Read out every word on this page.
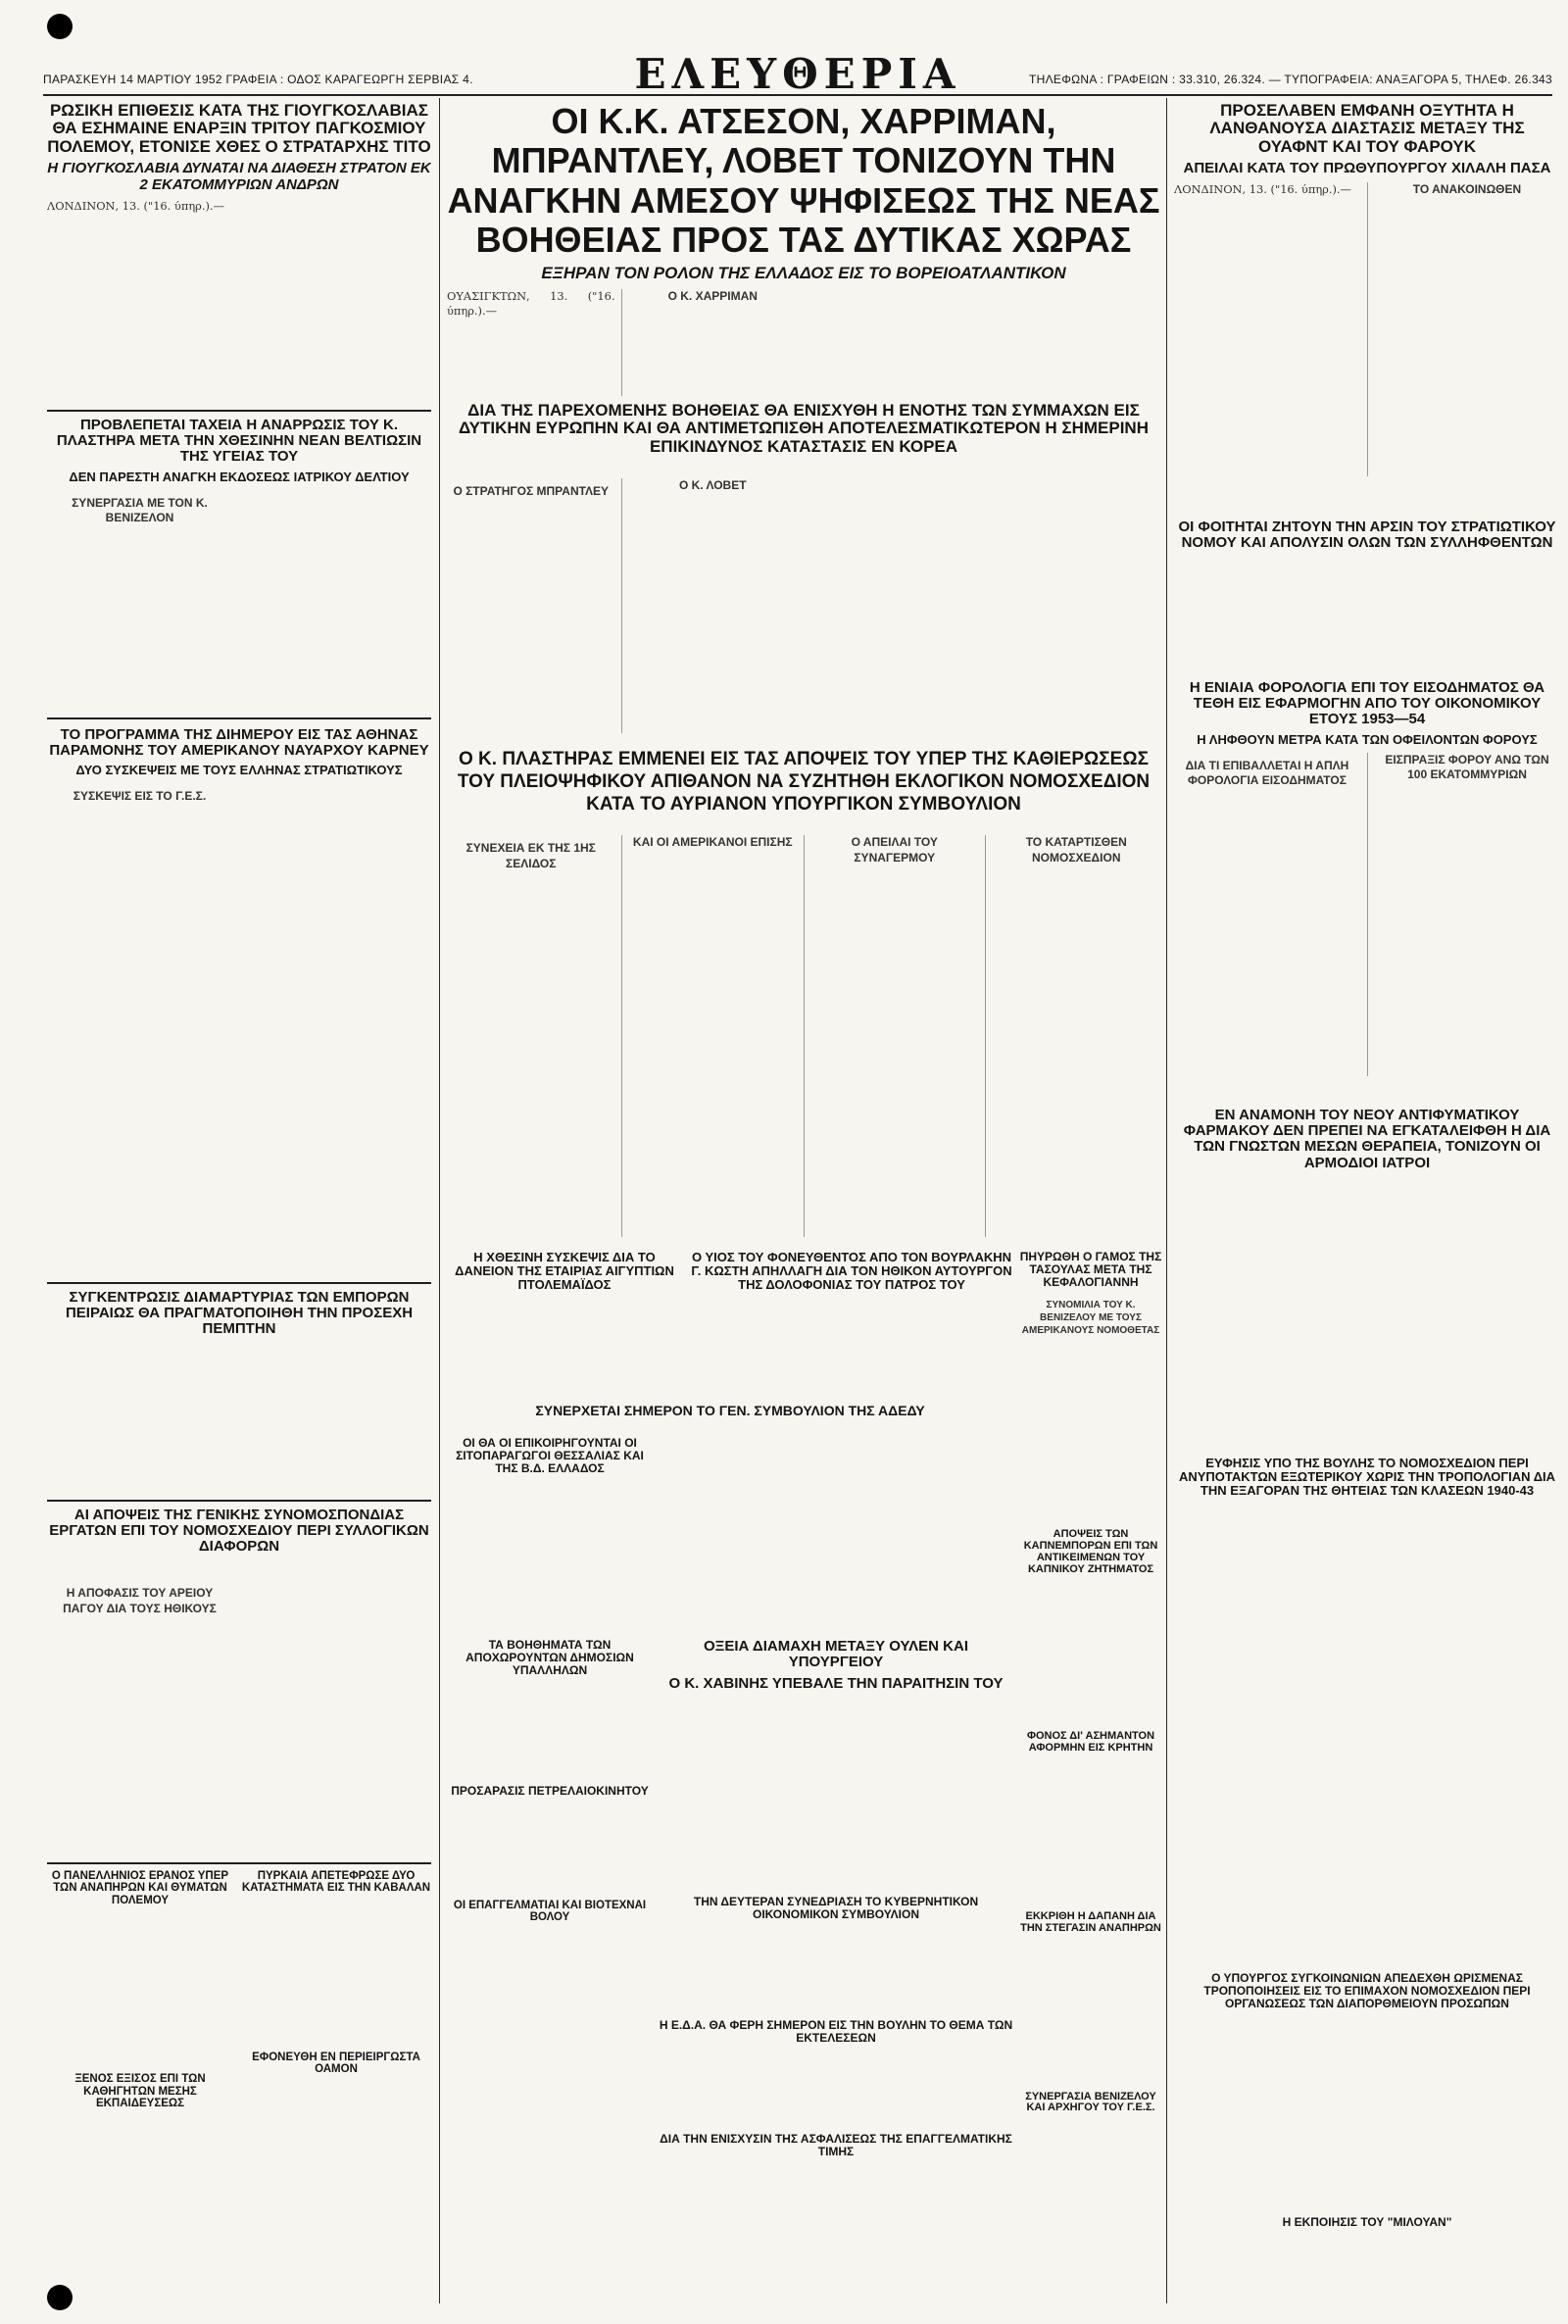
ΠΑΡΑΣΚΕΥΗ 14 ΜΑΡΤΙΟΥ 1952 ΓΡΑΦΕΙΑ : ΟΔΟΣ ΚΑΡΑΓΕΩΡΓΗ ΣΕΡΒΙΑΣ 4.	ΕΛΕΥΘΕΡΙΑ	ΤΗΛΕΦΩΝΑ : ΓΡΑΦΕΙΩΝ : 33.310, 26.324. — ΤΥΠΟΓΡΑΦΕΙΑ: ΑΝΑΞΑΓΟΡΑ 5, ΤΗΛΕΦ. 26.343
ΡΩΣΙΚΗ ΕΠΙΘΕΣΙΣ ΚΑΤΑ ΤΗΣ ΓΙΟΥΓΚΟΣΛΑΒΙΑΣ ΘΑ ΕΣΗΜΑΙΝΕ ΕΝΑΡΞΙΝ ΤΡΙΤΟΥ ΠΑΓΚΟΣΜΙΟΥ ΠΟΛΕΜΟΥ, ΕΤΟΝΙΣΕ ΧΘΕΣ Ο ΣΤΡΑΤΑΡΧΗΣ ΤΙΤΟ
Η ΓΙΟΥΓΚΟΣΛΑΒΙΑ ΔΥΝΑΤΑΙ ΝΑ ΔΙΑΘΕΣΗ ΣΤΡΑΤΟΝ ΕΚ 2 ΕΚΑΤΟΜΜΥΡΙΩΝ ΑΝΔΡΩΝ
ΛΟΝΔΙΝΟΝ, 13. ("16. ύπηρ.).—
ΟΙ Κ.Κ. ΑΤΣΕΣΟΝ, ΧΑΡΡΙΜΑΝ, ΜΠΡΑΝΤΛΕΥ, ΛΟΒΕΤ ΤΟΝΙΖΟΥΝ ΤΗΝ ΑΝΑΓΚΗΝ ΑΜΕΣΟΥ ΨΗΦΙΣΕΩΣ ΤΗΣ ΝΕΑΣ ΒΟΗΘΕΙΑΣ ΠΡΟΣ ΤΑΣ ΔΥΤΙΚΑΣ ΧΩΡΑΣ
ΕΞΗΡΑΝ ΤΟΝ ΡΟΛΟΝ ΤΗΣ ΕΛΛΑΔΟΣ ΕΙΣ ΤΟ ΒΟΡΕΙΟΑΤΛΑΝΤΙΚΟΝ
ΟΥΑΣΙΓΚΤΩΝ, 13. ("16. ύπηρ.).—
Ο Κ. ΧΑΡΡΙΜΑΝ
ΠΡΟΣΕΛΑΒΕΝ ΕΜΦΑΝΗ ΟΞΥΤΗΤΑ Η ΛΑΝΘΑΝΟΥΣΑ ΔΙΑΣΤΑΣΙΣ ΜΕΤΑΞΥ ΤΗΣ ΟΥΑΦΝΤ ΚΑΙ ΤΟΥ ΦΑΡΟΥΚ
ΑΠΕΙΛΑΙ ΚΑΤΑ ΤΟΥ ΠΡΩΘΥΠΟΥΡΓΟΥ ΧΙΛΑΛΗ ΠΑΣΑ
ΛΟΝΔΙΝΟΝ, 13. ("16. ύπηρ.).—	ΤΟ ΑΝΑΚΟΙΝΩΘΕΝ
ΠΡΟΒΛΕΠΕΤΑΙ ΤΑΧΕΙΑ Η ΑΝΑΡΡΩΣΙΣ ΤΟΥ Κ. ΠΛΑΣΤΗΡΑ ΜΕΤΑ ΤΗΝ ΧΘΕΣΙΝΗΝ ΝΕΑΝ ΒΕΛΤΙΩΣΙΝ ΤΗΣ ΥΓΕΙΑΣ ΤΟΥ
ΔΕΝ ΠΑΡΕΣΤΗ ΑΝΑΓΚΗ ΕΚΔΟΣΕΩΣ ΙΑΤΡΙΚΟΥ ΔΕΛΤΙΟΥ
ΣΥΝΕΡΓΑΣΙΑ ΜΕ ΤΟΝ Κ. ΒΕΝΙΖΕΛΟΝ
ΔΙΑ ΤΗΣ ΠΑΡΕΧΟΜΕΝΗΣ ΒΟΗΘΕΙΑΣ ΘΑ ΕΝΙΣΧΥΘΗ Η ΕΝΟΤΗΣ ΤΩΝ ΣΥΜΜΑΧΩΝ ΕΙΣ ΔΥΤΙΚΗΝ ΕΥΡΩΠΗΝ ΚΑΙ ΘΑ ΑΝΤΙΜΕΤΩΠΙΣΘΗ ΑΠΟΤΕΛΕΣΜΑΤΙΚΩΤΕΡΟΝ Η ΣΗΜΕΡΙΝΗ ΕΠΙΚΙΝΔΥΝΟΣ ΚΑΤΑΣΤΑΣΙΣ ΕΝ ΚΟΡΕΑ
Ο ΣΤΡΑΤΗΓΟΣ ΜΠΡΑΝΤΛΕΥ	Ο Κ. ΛΟΒΕΤ
ΟΙ ΦΟΙΤΗΤΑΙ ΖΗΤΟΥΝ ΤΗΝ ΑΡΣΙΝ ΤΟΥ ΣΤΡΑΤΙΩΤΙΚΟΥ ΝΟΜΟΥ ΚΑΙ ΑΠΟΛΥΣΙΝ ΟΛΩΝ ΤΩΝ ΣΥΛΛΗΦΘΕΝΤΩΝ
Η ΕΝΙΑΙΑ ΦΟΡΟΛΟΓΙΑ ΕΠΙ ΤΟΥ ΕΙΣΟΔΗΜΑΤΟΣ ΘΑ ΤΕΘΗ ΕΙΣ ΕΦΑΡΜΟΓΗΝ ΑΠΟ ΤΟΥ ΟΙΚΟΝΟΜΙΚΟΥ ΕΤΟΥΣ 1953—54
Η ΛΗΦΘΟΥΝ ΜΕΤΡΑ ΚΑΤΑ ΤΩΝ ΟΦΕΙΛΟΝΤΩΝ ΦΟΡΟΥΣ
ΔΙΑ ΤΙ ΕΠΙΒΑΛΛΕΤΑΙ Η ΑΠΛΗ ΦΟΡΟΛΟΓΙΑ ΕΙΣΟΔΗΜΑΤΟΣ
ΕΙΣΠΡΑΞΙΣ ΦΟΡΟΥ ΑΝΩ ΤΩΝ 100 ΕΚΑΤΟΜΜΥΡΙΩΝ
ΤΟ ΠΡΟΓΡΑΜΜΑ ΤΗΣ ΔΙΗΜΕΡΟΥ ΕΙΣ ΤΑΣ ΑΘΗΝΑΣ ΠΑΡΑΜΟΝΗΣ ΤΟΥ ΑΜΕΡΙΚΑΝΟΥ ΝΑΥΑΡΧΟΥ ΚΑΡΝΕΥ
ΔΥΟ ΣΥΣΚΕΨΕΙΣ ΜΕ ΤΟΥΣ ΕΛΛΗΝΑΣ ΣΤΡΑΤΙΩΤΙΚΟΥΣ
ΣΥΣΚΕΨΙΣ ΕΙΣ ΤΟ Γ.Ε.Σ.
Ο Κ. ΠΛΑΣΤΗΡΑΣ ΕΜΜΕΝΕΙ ΕΙΣ ΤΑΣ ΑΠΟΨΕΙΣ ΤΟΥ ΥΠΕΡ ΤΗΣ ΚΑΘΙΕΡΩΣΕΩΣ ΤΟΥ ΠΛΕΙΟΨΗΦΙΚΟΥ ΑΠΙΘΑΝΟΝ ΝΑ ΣΥΖΗΤΗΘΗ ΕΚΛΟΓΙΚΟΝ ΝΟΜΟΣΧΕΔΙΟΝ ΚΑΤΑ ΤΟ ΑΥΡΙΑΝΟΝ ΥΠΟΥΡΓΙΚΟΝ ΣΥΜΒΟΥΛΙΟΝ
ΣΥΝΕΧΕΙΑ ΕΚ ΤΗΣ 1ΗΣ ΣΕΛΙΔΟΣ
ΚΑΙ ΟΙ ΑΜΕΡΙΚΑΝΟΙ ΕΠΙΣΗΣ	Ο ΑΠΕΙΛΑΙ ΤΟΥ ΣΥΝΑΓΕΡΜΟΥ
ΤΟ ΚΑΤΑΡΤΙΣΘΕΝ ΝΟΜΟΣΧΕΔΙΟΝ
ΕΝ ΑΝΑΜΟΝΗ ΤΟΥ ΝΕΟΥ ΑΝΤΙΦΥΜΑΤΙΚΟΥ ΦΑΡΜΑΚΟΥ ΔΕΝ ΠΡΕΠΕΙ ΝΑ ΕΓΚΑΤΑΛΕΙΦΘΗ Η ΔΙΑ ΤΩΝ ΓΝΩΣΤΩΝ ΜΕΣΩΝ ΘΕΡΑΠΕΙΑ, ΤΟΝΙΖΟΥΝ ΟΙ ΑΡΜΟΔΙΟΙ ΙΑΤΡΟΙ
ΣΥΓΚΕΝΤΡΩΣΙΣ ΔΙΑΜΑΡΤΥΡΙΑΣ ΤΩΝ ΕΜΠΟΡΩΝ ΠΕΙΡΑΙΩΣ ΘΑ ΠΡΑΓΜΑΤΟΠΟΙΗΘΗ ΤΗΝ ΠΡΟΣΕΧΗ ΠΕΜΠΤΗΝ
Η ΧΘΕΣΙΝΗ ΣΥΣΚΕΨΙΣ ΔΙΑ ΤΟ ΔΑΝΕΙΟΝ ΤΗΣ ΕΤΑΙΡΙΑΣ ΑΙΓΥΠΤΙΩΝ ΠΤΟΛΕΜΑΪΔΟΣ
Ο ΥΙΟΣ ΤΟΥ ΦΟΝΕΥΘΕΝΤΟΣ ΑΠΟ ΤΟΝ ΒΟΥΡΛΑΚΗΝ Γ. ΚΩΣΤΗ ΑΠΗΛΛΑΓΗ ΔΙΑ ΤΟΝ ΗΘΙΚΟΝ ΑΥΤΟΥΡΓΟΝ ΤΗΣ ΔΟΛΟΦΟΝΙΑΣ ΤΟΥ ΠΑΤΡΟΣ ΤΟΥ
ΠΗΥΡΩΘΗ Ο ΓΑΜΟΣ ΤΗΣ ΤΑΣΟΥΛΑΣ ΜΕΤΑ ΤΗΣ ΚΕΦΑΛΟΓΙΑΝΝΗ
ΣΥΝΟΜΙΛΙΑ ΤΟΥ Κ. ΒΕΝΙΖΕΛΟΥ ΜΕ ΤΟΥΣ ΑΜΕΡΙΚΑΝΟΥΣ ΝΟΜΟΘΕΤΑΣ
ΣΥΝΕΡΧΕΤΑΙ ΣΗΜΕΡΟΝ ΤΟ ΓΕΝ. ΣΥΜΒΟΥΛΙΟΝ ΤΗΣ ΑΔΕΔΥ
ΟΙ ΘΑ ΟΙ ΕΠΙΚΟΙΡΗΓΟΥΝΤΑΙ ΟΙ ΣΙΤΟΠΑΡΑΓΩΓΟΙ ΘΕΣΣΑΛΙΑΣ ΚΑΙ ΤΗΣ Β.Δ. ΕΛΛΑΔΟΣ
ΑΠΟΨΕΙΣ ΤΩΝ ΚΑΠΝΕΜΠΟΡΩΝ ΕΠΙ ΤΩΝ ΑΝΤΙΚΕΙΜΕΝΩΝ ΤΟΥ ΚΑΠΝΙΚΟΥ ΖΗΤΗΜΑΤΟΣ
ΟΞΕΙΑ ΔΙΑΜΑΧΗ ΜΕΤΑΞΥ ΟΥΛΕΝ ΚΑΙ ΥΠΟΥΡΓΕΙΟΥ
Ο Κ. ΧΑΒΙΝΗΣ ΥΠΕΒΑΛΕ ΤΗΝ ΠΑΡΑΙΤΗΣΙΝ ΤΟΥ
ΑΙ ΑΠΟΨΕΙΣ ΤΗΣ ΓΕΝΙΚΗΣ ΣΥΝΟΜΟΣΠΟΝΔΙΑΣ ΕΡΓΑΤΩΝ ΕΠΙ ΤΟΥ ΝΟΜΟΣΧΕΔΙΟΥ ΠΕΡΙ ΣΥΛΛΟΓΙΚΩΝ ΔΙΑΦΟΡΩΝ
Η ΑΠΟΦΑΣΙΣ ΤΟΥ ΑΡΕΙΟΥ ΠΑΓΟΥ ΔΙΑ ΤΟΥΣ ΗΘΙΚΟΥΣ
ΤΑ ΒΟΗΘΗΜΑΤΑ ΤΩΝ ΑΠΟΧΩΡΟΥΝΤΩΝ ΔΗΜΟΣΙΩΝ ΥΠΑΛΛΗΛΩΝ
ΠΡΟΣΑΡΑΣΙΣ ΠΕΤΡΕΛΑΙΟΚΙΝΗΤΟΥ
ΕΥΦΗΣΙΣ ΥΠΟ ΤΗΣ ΒΟΥΛΗΣ ΤΟ ΝΟΜΟΣΧΕΔΙΟΝ ΠΕΡΙ ΑΝΥΠΟΤΑΚΤΩΝ ΕΞΩΤΕΡΙΚΟΥ ΧΩΡΙΣ ΤΗΝ ΤΡΟΠΟΛΟΓΙΑΝ ΔΙΑ ΤΗΝ ΕΞΑΓΟΡΑΝ ΤΗΣ ΘΗΤΕΙΑΣ ΤΩΝ ΚΛΑΣΕΩΝ 1940-43
Ο ΠΑΝΕΛΛΗΝΙΟΣ ΕΡΑΝΟΣ ΥΠΕΡ ΤΩΝ ΑΝΑΠΗΡΩΝ ΚΑΙ ΘΥΜΑΤΩΝ ΠΟΛΕΜΟΥ
ΞΕΝΟΣ ΕΞΙΣΟΣ ΕΠΙ ΤΩΝ ΚΑΘΗΓΗΤΩΝ ΜΕΣΗΣ ΕΚΠΑΙΔΕΥΣΕΩΣ
ΠΥΡΚΑΙΑ ΑΠΕΤΕΦΡΩΣΕ ΔΥΟ ΚΑΤΑΣΤΗΜΑΤΑ ΕΙΣ ΤΗΝ ΚΑΒΑΛΑΝ
ΕΦΟΝΕΥΘΗ ΕΝ ΠΕΡΙΕΙΡΓΩΣΤΑ ΟΑΜΟΝ
ΟΙ ΕΠΑΓΓΕΛΜΑΤΙΑΙ ΚΑΙ ΒΙΟΤΕΧΝΑΙ ΒΟΛΟΥ
ΤΗΝ ΔΕΥΤΕΡΑΝ ΣΥΝΕΔΡΙΑΣΗ ΤΟ ΚΥΒΕΡΝΗΤΙΚΟΝ ΟΙΚΟΝΟΜΙΚΟΝ ΣΥΜΒΟΥΛΙΟΝ
Η Ε.Δ.Α. ΘΑ ΦΕΡΗ ΣΗΜΕΡΟΝ ΕΙΣ ΤΗΝ ΒΟΥΛΗΝ ΤΟ ΘΕΜΑ ΤΩΝ ΕΚΤΕΛΕΣΕΩΝ
ΔΙΑ ΤΗΝ ΕΝΙΣΧΥΣΙΝ ΤΗΣ ΑΣΦΑΛΙΣΕΩΣ ΤΗΣ ΕΠΑΓΓΕΛΜΑΤΙΚΗΣ ΤΙΜΗΣ
ΦΟΝΟΣ ΔΙ' ΑΣΗΜΑΝΤΟΝ ΑΦΟΡΜΗΝ ΕΙΣ ΚΡΗΤΗΝ
ΕΚΚΡΙΘΗ Η ΔΑΠΑΝΗ ΔΙΑ ΤΗΝ ΣΤΕΓΑΣΙΝ ΑΝΑΠΗΡΩΝ
ΣΥΝΕΡΓΑΣΙΑ ΒΕΝΙΖΕΛΟΥ ΚΑΙ ΑΡΧΗΓΟΥ ΤΟΥ Γ.Ε.Σ.
Ο ΥΠΟΥΡΓΟΣ ΣΥΓΚΟΙΝΩΝΙΩΝ ΑΠΕΔΕΧΘΗ ΩΡΙΣΜΕΝΑΣ ΤΡΟΠΟΠΟΙΗΣΕΙΣ ΕΙΣ ΤΟ ΕΠΙΜΑΧΟΝ ΝΟΜΟΣΧΕΔΙΟΝ ΠΕΡΙ ΟΡΓΑΝΩΣΕΩΣ ΤΩΝ ΔΙΑΠΟΡΘΜΕΙΟΥΝ ΠΡΟΣΩΠΩΝ
Η ΕΚΠΟΙΗΣΙΣ ΤΟΥ "ΜΙΛΟΥΑΝ"
